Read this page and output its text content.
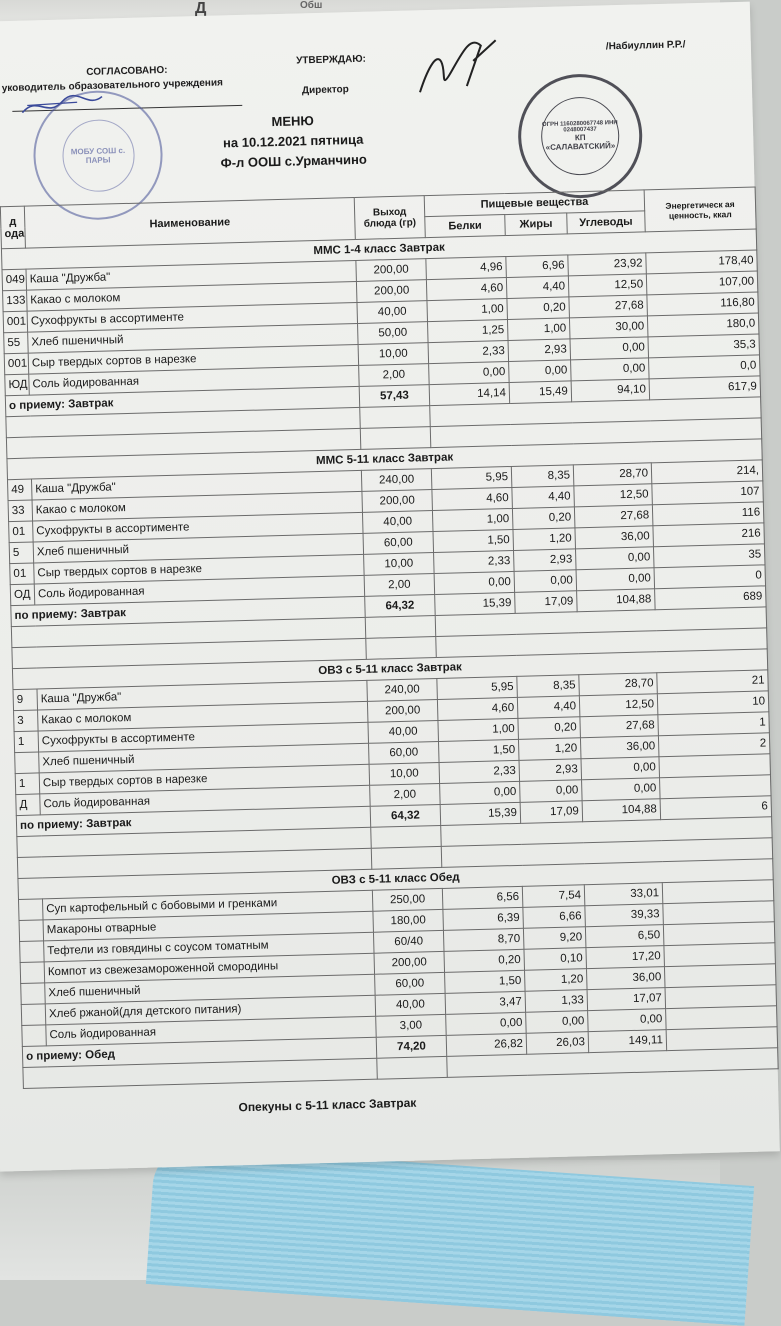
Д	Обш
СОГЛАСОВАНО:
уководитель образовательного учреждения
УТВЕРЖДАЮ:
Директор
/Набиуллин Р.Р./
МОБУ СОШ с. ПАРЫ
ОГРН 1160280067748 ИНН 0248007437
КП «САЛАВАТСКИЙ»
МЕНЮ
на 10.12.2021 пятница
Ф-л ООШ с.Урманчино
д
ода	Наименование	Выход блюда (гр)	Пищевые вещества			Энергетическ ая ценность, ккал
			Белки	Жиры	Углеводы	
ММС 1-4 класс Завтрак						
049	Каша "Дружба"	200,00	4,96	6,96	23,92	178,40
133	Какао с молоком	200,00	4,60	4,40	12,50	107,00
001	Сухофрукты в ассортименте	40,00	1,00	0,20	27,68	116,80
55	Хлеб пшеничный	50,00	1,25	1,00	30,00	180,0
001	Сыр твердых сортов в нарезке	10,00	2,33	2,93	0,00	35,3
ЮД	Соль йодированная	2,00	0,00	0,00	0,00	0,0
о приему: Завтрак		57,43	14,14	15,49	94,10	617,9

ММС 5-11 класс Завтрак						
49	Каша "Дружба"	240,00	5,95	8,35	28,70	214,
33	Какао с молоком	200,00	4,60	4,40	12,50	107
01	Сухофрукты в ассортименте	40,00	1,00	0,20	27,68	116
5	Хлеб пшеничный	60,00	1,50	1,20	36,00	216
01	Сыр твердых сортов в нарезке	10,00	2,33	2,93	0,00	35
ОД	Соль йодированная	2,00	0,00	0,00	0,00	0
по приему: Завтрак		64,32	15,39	17,09	104,88	689

ОВЗ с 5-11 класс Завтрак						
9	Каша "Дружба"	240,00	5,95	8,35	28,70	21
3	Какао с молоком	200,00	4,60	4,40	12,50	10
1	Сухофрукты в ассортименте	40,00	1,00	0,20	27,68	1
	Хлеб пшеничный	60,00	1,50	1,20	36,00	2
1	Сыр твердых сортов в нарезке	10,00	2,33	2,93	0,00	
Д	Соль йодированная	2,00	0,00	0,00	0,00	
по приему: Завтрак		64,32	15,39	17,09	104,88	6

ОВЗ с 5-11 класс Обед						
	Суп картофельный с бобовыми и гренками	250,00	6,56	7,54	33,01	
	Макароны отварные	180,00	6,39	6,66	39,33	
	Тефтели из говядины с соусом томатным	60/40	8,70	9,20	6,50	
	Компот из свежезамороженной смородины	200,00	0,20	0,10	17,20	
	Хлеб пшеничный	60,00	1,50	1,20	36,00	
	Хлеб ржаной(для детского питания)	40,00	3,47	1,33	17,07	
	Соль йодированная	3,00	0,00	0,00	0,00	
о приему: Обед		74,20	26,82	26,03	149,11	

Опекуны с 5-11 класс Завтрак
